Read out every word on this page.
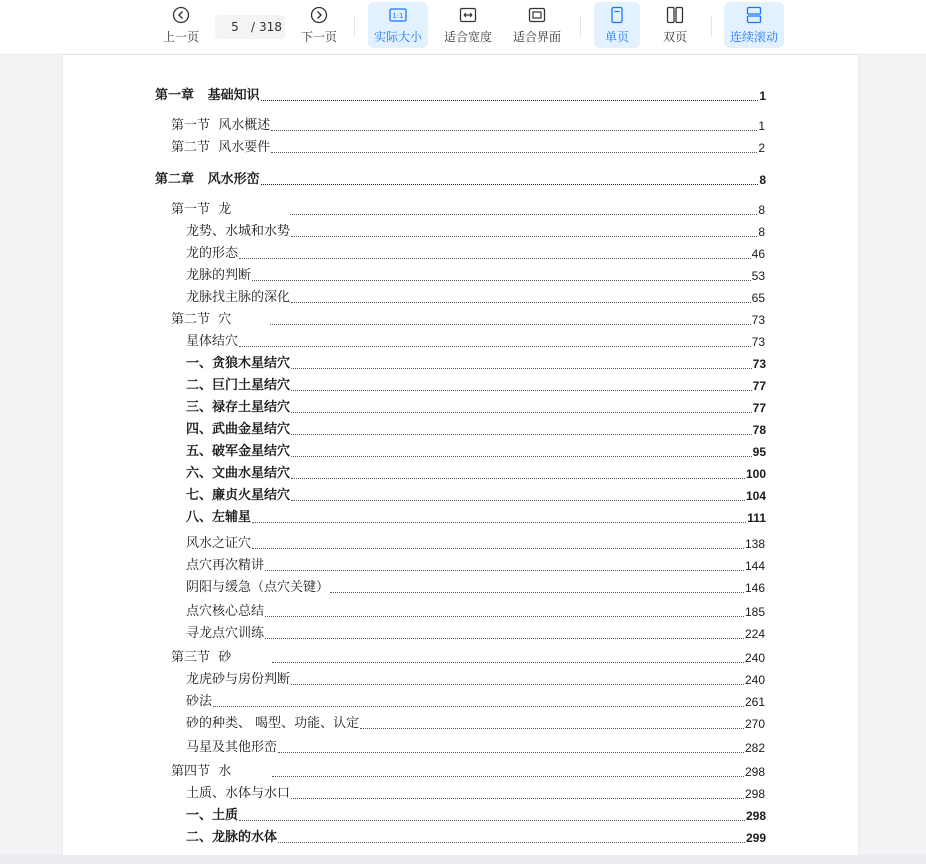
上一页
5
/ 318
下一页
1:1
实际大小 适合宽度 适合界面	单页	双页	连续滚动
第一章   基础知识	1
第一节  风水概述	1
第二节  风水要件	2
第二章   风水形峦	8
第一节  龙	8
龙势、水城和水势	8
龙的形态	46
龙脉的判断	53
龙脉找主脉的深化	65
第二节  穴	73
星体结穴	73
一、贪狼木星结穴	73
二、巨门土星结穴	77
三、禄存土星结穴	77
四、武曲金星结穴	78
五、破军金星结穴	95
六、文曲水星结穴	100
七、廉贞火星结穴	104
八、左辅星	111
风水之证穴	138
点穴再次精讲	144
阴阳与缓急（点穴关键）	146
点穴核心总结	185
寻龙点穴训练	224
第三节  砂	240
龙虎砂与房份判断	240
砂法	261
砂的种类、 喝型、功能、认定	270
马星及其他形峦	282
第四节  水	298
土质、水体与水口	298
一、土质	298
二、龙脉的水体	299
